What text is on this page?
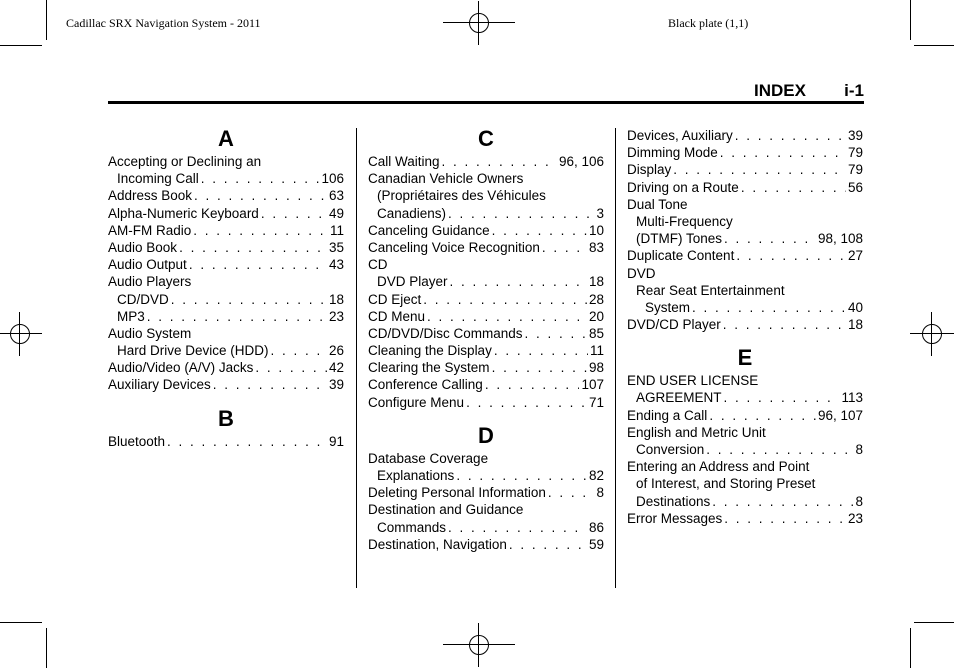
Cadillac SRX Navigation System - 2011	Black plate (1,1)
INDEX i-1
A
Accepting or Declining an
Incoming Call . . .	106
Address Book . . .	63
Alpha-Numeric Keyboard . . .	49
AM-FM Radio . . .	11
Audio Book . . .	35
Audio Output . . .	43
Audio Players
CD/DVD . . .	18
MP3 . . .	23
Audio System
Hard Drive Device (HDD) . . .	26
Audio/Video (A/V) Jacks . . .	42
Auxiliary Devices . . .	39
B
Bluetooth . . .	91
C
Call Waiting . . .	96, 106
Canadian Vehicle Owners
(Propriétaires des Véhicules
Canadiens) . . .	3
Canceling Guidance . . .	10
Canceling Voice Recognition . . .	83
CD
DVD Player . . .	18
CD Eject . . .	28
CD Menu . . .	20
CD/DVD/Disc Commands . . .	85
Cleaning the Display . . .	11
Clearing the System . . .	98
Conference Calling . . .	107
Configure Menu . . .	71
D
Database Coverage
Explanations . . .	82
Deleting Personal Information . . .	8
Destination and Guidance
Commands . . .	86
Destination, Navigation . . .	59
Devices, Auxiliary . . .	39
Dimming Mode . . .	79
Display . . .	79
Driving on a Route . . .	56
Dual Tone
Multi-Frequency
(DTMF) Tones . . .	98, 108
Duplicate Content . . .	27
DVD
Rear Seat Entertainment
System . . .	40
DVD/CD Player . . .	18
E
END USER LICENSE
AGREEMENT . . .	113
Ending a Call . . .	96, 107
English and Metric Unit
Conversion . . .	8
Entering an Address and Point
of Interest, and Storing Preset
Destinations . . .	8
Error Messages . . .	23
